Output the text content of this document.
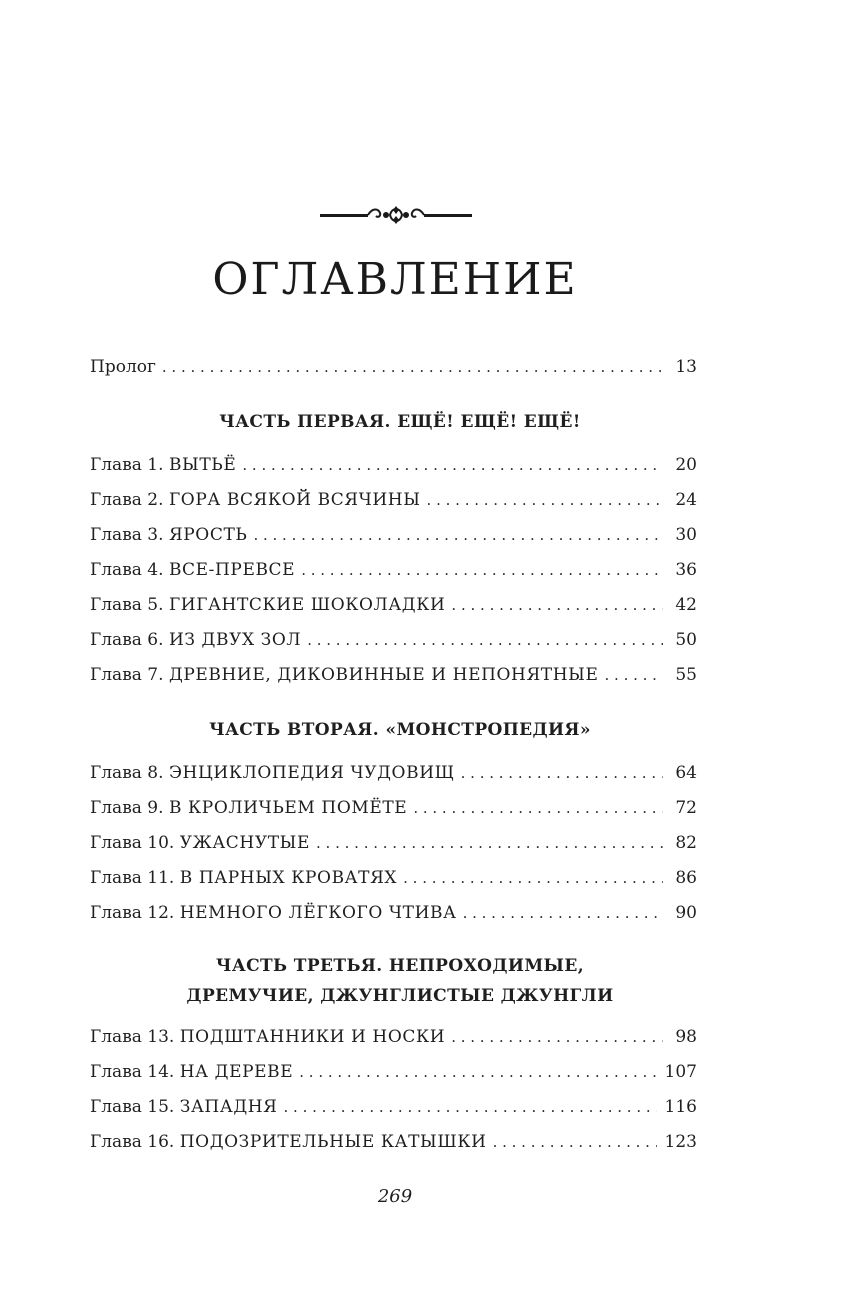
ОГЛАВЛЕНИЕ
Пролог . . .	13
ЧАСТЬ ПЕРВАЯ. ЕЩЁ! ЕЩЁ! ЕЩЁ!
Глава 1. ВЫТЬЁ . . .	20
Глава 2. ГОРА ВСЯКОЙ ВСЯЧИНЫ . . .	24
Глава 3. ЯРОСТЬ . . .	30
Глава 4. ВСЕ-ПРЕВСЕ . . .	36
Глава 5. ГИГАНТСКИЕ ШОКОЛАДКИ . . .	42
Глава 6. ИЗ ДВУХ ЗОЛ . . .	50
Глава 7. ДРЕВНИЕ, ДИКОВИННЫЕ И НЕПОНЯТНЫЕ . . .	55
ЧАСТЬ ВТОРАЯ. «МОНСТРОПЕДИЯ»
Глава 8. ЭНЦИКЛОПЕДИЯ ЧУДОВИЩ . . .	64
Глава 9. В КРОЛИЧЬЕМ ПОМЁТЕ . . .	72
Глава 10. УЖАСНУТЫЕ . . .	82
Глава 11. В ПАРНЫХ КРОВАТЯХ . . .	86
Глава 12. НЕМНОГО ЛЁГКОГО ЧТИВА . . .	90
ЧАСТЬ ТРЕТЬЯ. НЕПРОХОДИМЫЕ,
ДРЕМУЧИЕ, ДЖУНГЛИСТЫЕ ДЖУНГЛИ
Глава 13. ПОДШТАННИКИ И НОСКИ . . .	98
Глава 14. НА ДЕРЕВЕ . . .	107
Глава 15. ЗАПАДНЯ . . .	116
Глава 16. ПОДОЗРИТЕЛЬНЫЕ КАТЫШКИ . . .	123
269
